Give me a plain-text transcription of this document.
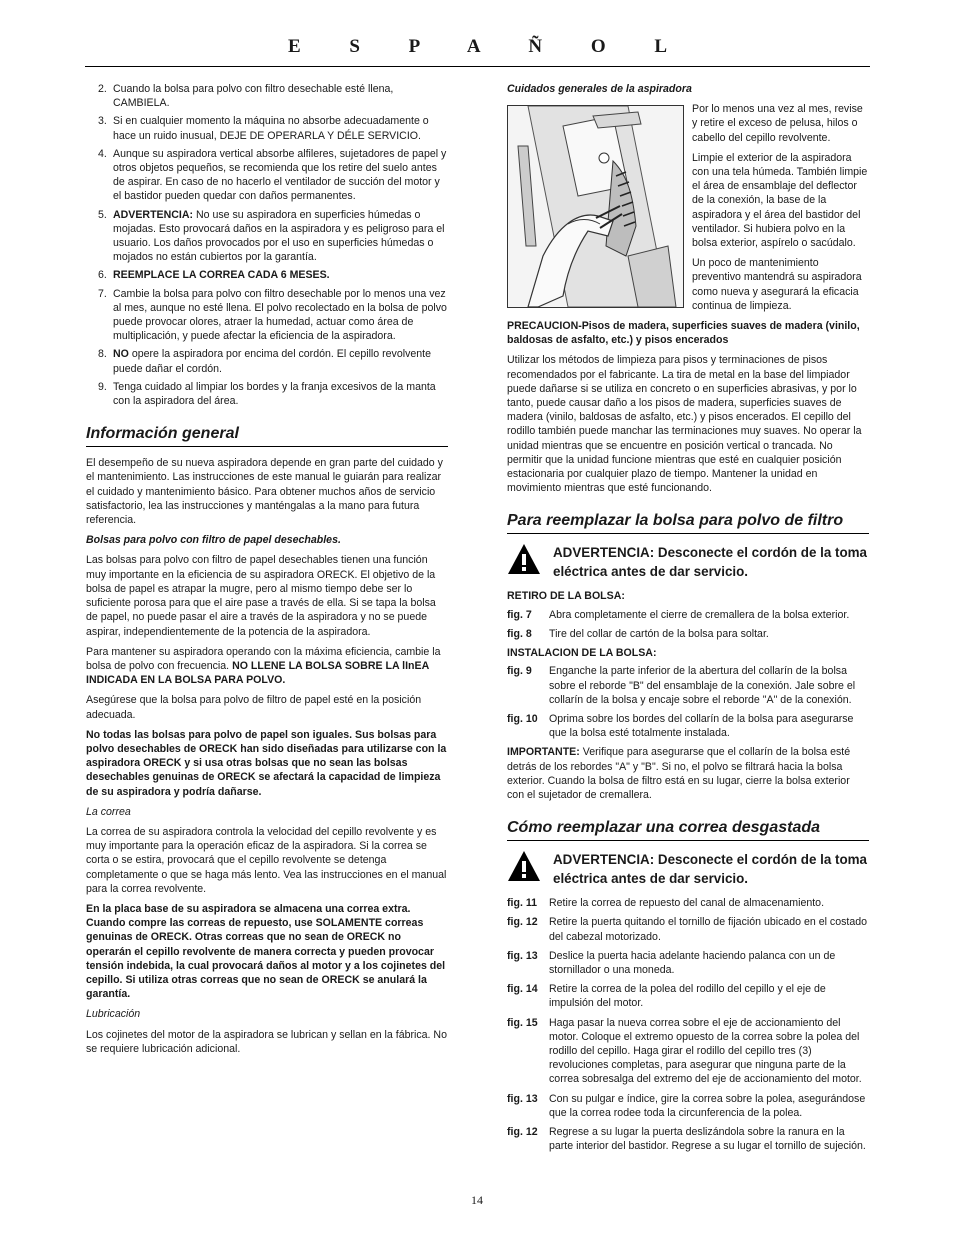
E S P A Ñ O L
2. Cuando la bolsa para polvo con filtro desechable esté llena, CAMBIELA.
3. Si en cualquier momento la máquina no absorbe adecuadamente o hace un ruido inusual, DEJE DE OPERARLA Y DÉLE SERVICIO.
4. Aunque su aspiradora vertical absorbe alfileres, sujetadores de papel y otros objetos pequeños, se recomienda que los retire del suelo antes de aspirar. En caso de no hacerlo el ventilador de succión del motor y el bastidor pueden quedar con daños permanentes.
5. ADVERTENCIA: No use su aspiradora en superficies húmedas o mojadas. Esto provocará daños en la aspiradora y es peligroso para el usuario. Los daños provocados por el uso en superficies húmedas o mojados no están cubiertos por la garantía.
6. REEMPLACE LA CORREA CADA 6 MESES.
7. Cambie la bolsa para polvo con filtro desechable por lo menos una vez al mes, aunque no esté llena. El polvo recolectado en la bolsa de polvo puede provocar olores, atraer la humedad, actuar como área de multiplicación, y puede afectar la eficiencia de la aspiradora.
8. NO opere la aspiradora por encima del cordón. El cepillo revolvente puede dañar el cordón.
9. Tenga cuidado al limpiar los bordes y la franja excesivos de la manta con la aspiradora del área.
Información general

El desempeño de su nueva aspiradora depende en gran parte del cuidado y el mantenimiento. Las instrucciones de este manual le guiarán para realizar el cuidado y mantenimiento básico. Para obtener muchos años de servicio satisfactorio, lea las instrucciones y manténgalas a la mano para futura referencia.

Bolsas para polvo con filtro de papel desechables.

Las bolsas para polvo con filtro de papel desechables tienen una función muy importante en la eficiencia de su aspiradora ORECK. El objetivo de la bolsa de papel es atrapar la mugre, pero al mismo tiempo debe ser lo suficiente porosa para que el aire pase a través de ella. Si se tapa la bolsa de papel, no puede pasar el aire a través de la aspiradora y no se puede aspirar, independientemente de la potencia de la aspiradora.

Para mantener su aspiradora operando con la máxima eficiencia, cambie la bolsa de polvo con frecuencia. NO LLENE LA BOLSA SOBRE LA lInEA INDICADA EN LA BOLSA PARA POLVO.

Asegúrese que la bolsa para polvo de filtro de papel esté en la posición adecuada.

No todas las bolsas para polvo de papel son iguales. Sus bolsas para polvo desechables de ORECK han sido diseñadas para utilizarse con la aspiradora ORECK y si usa otras bolsas que no sean las bolsas desechables genuinas de ORECK se afectará la capacidad de limpieza de su aspiradora y podría dañarse.

La correa

La correa de su aspiradora controla la velocidad del cepillo revolvente y es muy importante para la operación eficaz de la aspiradora. Si la correa se corta o se estira, provocará que el cepillo revolvente se detenga completamente o que se haga más lento. Vea las instrucciones en el manual para la correa revolvente.

En la placa base de su aspiradora se almacena una correa extra. Cuando compre las correas de repuesto, use SOLAMENTE correas genuinas de ORECK. Otras correas que no sean de ORECK no operarán el cepillo revolvente de manera correcta y pueden provocar tensión indebida, la cual provocará daños al motor y a los cojinetes del cepillo. Si utiliza otras correas que no sean de ORECK se anulará la garantía.

Lubricación

Los cojinetes del motor de la aspiradora se lubrican y sellan en la fábrica. No se requiere lubricación adicional.

Cuidados generales de la aspiradora

Por lo menos una vez al mes, revise y retire el exceso de pelusa, hilos o cabello del cepillo revolvente.

Limpie el exterior de la aspiradora con una tela húmeda. También limpie el área de ensamblaje del deflector de la conexión, la base de la aspiradora y el área del bastidor del ventilador. Si hubiera polvo en la bolsa exterior, aspírelo o sacúdalo.

Un poco de mantenimiento preventivo mantendrá su aspiradora como nueva y asegurará la eficacia continua de limpieza.

PRECAUCION-Pisos de madera, superficies suaves de madera (vinilo, baldosas de asfalto, etc.) y pisos encerados

Utilizar los métodos de limpieza para pisos y terminaciones de pisos recomendados por el fabricante. La tira de metal en la base del limpiador puede dañarse si se utiliza en concreto o en superficies abrasivas, y por lo tanto, puede causar daño a los pisos de madera, superficies suaves de madera (vinilo, baldosas de asfalto, etc.) y pisos encerados. El cepillo del rodillo también puede manchar las terminaciones muy suaves. No operar la unidad mientras que se encuentre en posición vertical o trancada. No permitir que la unidad funcione mientras que esté en cualquier posición estacionaria por cualquier plazo de tiempo. Mantener la unidad en movimiento mientras que esté funcionando.

Para reemplazar la bolsa para polvo de filtro
ADVERTENCIA: Desconecte el cordón de la toma eléctrica antes de dar servicio.

RETIRO DE LA BOLSA:

fig. 7	Abra completamente el cierre de cremallera de la bolsa exterior.
fig. 8	Tire del collar de cartón de la bolsa para soltar.

INSTALACION DE LA BOLSA:

fig. 9	Enganche la parte inferior de la abertura del collarín de la bolsa sobre el reborde "B" del ensamblaje de la conexión. Jale sobre el collarín de la bolsa y encaje sobre el reborde "A" de la conexión.
fig. 10	Oprima sobre los bordes del collarín de la bolsa para asegurarse que la bolsa esté totalmente instalada.

IMPORTANTE: Verifique para asegurarse que el collarín de la bolsa esté detrás de los rebordes "A" y "B". Si no, el polvo se filtrará hacia la bolsa exterior. Cuando la bolsa de filtro está en su lugar, cierre la bolsa exterior con el sujetador de cremallera.

Cómo reemplazar una correa desgastada
ADVERTENCIA: Desconecte el cordón de la toma eléctrica antes de dar servicio.
fig. 11	Retire la correa de repuesto del canal de almacenamiento.
fig. 12	Retire la puerta quitando el tornillo de fijación ubicado en el costado del cabezal motorizado.
fig. 13	Deslice la puerta hacia adelante haciendo palanca con un de stornillador o una moneda.
fig. 14	Retire la correa de la polea del rodillo del cepillo y el eje de impulsión del motor.
fig. 15	Haga pasar la nueva correa sobre el eje de accionamiento del motor. Coloque el extremo opuesto de la correa sobre la polea del rodillo del cepillo. Haga girar el rodillo del cepillo tres (3) revoluciones completas, para asegurar que ninguna parte de la correa sobresalga del extremo del eje de accionamiento del motor.
fig. 13	Con su pulgar e índice, gire la correa sobre la polea, asegurándose que la correa rodee toda la circunferencia de la polea.
fig. 12	Regrese a su lugar la puerta deslizándola sobre la ranura en la parte interior del bastidor. Regrese a su lugar el tornillo de sujeción.
14
